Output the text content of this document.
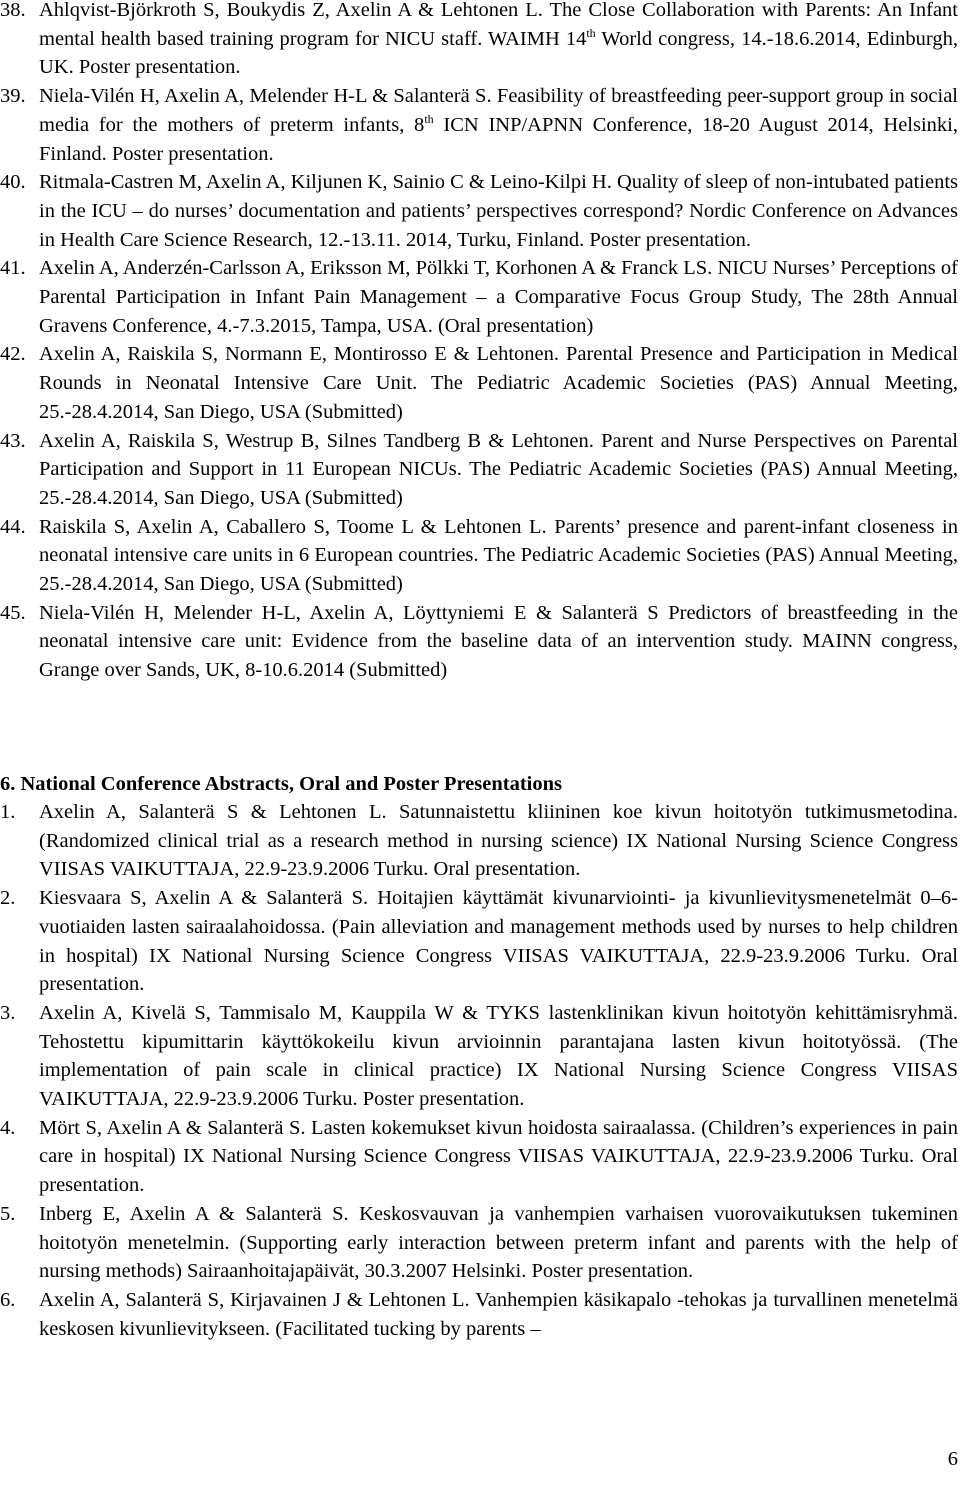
38. Ahlqvist-Björkroth S, Boukydis Z, Axelin A & Lehtonen L. The Close Collaboration with Parents: An Infant mental health based training program for NICU staff. WAIMH 14th World congress, 14.-18.6.2014, Edinburgh, UK. Poster presentation.
39. Niela-Vilén H, Axelin A, Melender H-L & Salanterä S. Feasibility of breastfeeding peer-support group in social media for the mothers of preterm infants, 8th ICN INP/APNN Conference, 18-20 August 2014, Helsinki, Finland. Poster presentation.
40. Ritmala-Castren M, Axelin A, Kiljunen K, Sainio C & Leino-Kilpi H. Quality of sleep of non-intubated patients in the ICU – do nurses’ documentation and patients’ perspectives correspond? Nordic Conference on Advances in Health Care Science Research, 12.-13.11. 2014, Turku, Finland. Poster presentation.
41. Axelin A, Anderzén-Carlsson A, Eriksson M, Pölkki T, Korhonen A & Franck LS. NICU Nurses’ Perceptions of Parental Participation in Infant Pain Management – a Comparative Focus Group Study, The 28th Annual Gravens Conference, 4.-7.3.2015, Tampa, USA. (Oral presentation)
42. Axelin A, Raiskila S, Normann E, Montirosso E & Lehtonen. Parental Presence and Participation in Medical Rounds in Neonatal Intensive Care Unit. The Pediatric Academic Societies (PAS) Annual Meeting, 25.-28.4.2014, San Diego, USA (Submitted)
43. Axelin A, Raiskila S, Westrup B, Silnes Tandberg B & Lehtonen. Parent and Nurse Perspectives on Parental Participation and Support in 11 European NICUs. The Pediatric Academic Societies (PAS) Annual Meeting, 25.-28.4.2014, San Diego, USA (Submitted)
44. Raiskila S, Axelin A, Caballero S, Toome L & Lehtonen L. Parents’ presence and parent-infant closeness in neonatal intensive care units in 6 European countries. The Pediatric Academic Societies (PAS) Annual Meeting, 25.-28.4.2014, San Diego, USA (Submitted)
45. Niela-Vilén H, Melender H-L, Axelin A, Löyttyniemi E & Salanterä S Predictors of breastfeeding in the neonatal intensive care unit: Evidence from the baseline data of an intervention study. MAINN congress, Grange over Sands, UK, 8-10.6.2014 (Submitted)
6. National Conference Abstracts, Oral and Poster Presentations
1. Axelin A, Salanterä S & Lehtonen L. Satunnaistettu kliininen koe kivun hoitotyön tutkimusmetodina. (Randomized clinical trial as a research method in nursing science) IX National Nursing Science Congress VIISAS VAIKUTTAJA, 22.9-23.9.2006 Turku. Oral presentation.
2. Kiesvaara S, Axelin A & Salanterä S. Hoitajien käyttämät kivunarviointi- ja kivunlievitysmenetelmät 0–6-vuotiaiden lasten sairaalahoidossa. (Pain alleviation and management methods used by nurses to help children in hospital) IX National Nursing Science Congress VIISAS VAIKUTTAJA, 22.9-23.9.2006 Turku. Oral presentation.
3. Axelin A, Kivelä S, Tammisalo M, Kauppila W & TYKS lastenklinikan kivun hoitotyön kehittämisryhmä. Tehostettu kipumittarin käyttökokeilu kivun arvioinnin parantajana lasten kivun hoitotyössä. (The implementation of pain scale in clinical practice) IX National Nursing Science Congress VIISAS VAIKUTTAJA, 22.9-23.9.2006 Turku. Poster presentation.
4. Mört S, Axelin A & Salanterä S. Lasten kokemukset kivun hoidosta sairaalassa. (Children’s experiences in pain care in hospital) IX National Nursing Science Congress VIISAS VAIKUTTAJA, 22.9-23.9.2006 Turku. Oral presentation.
5. Inberg E, Axelin A & Salanterä S. Keskosvauvan ja vanhempien varhaisen vuorovaikutuksen tukeminen hoitotyön menetelmin. (Supporting early interaction between preterm infant and parents with the help of nursing methods) Sairaanhoitajapäivät, 30.3.2007 Helsinki. Poster presentation.
6. Axelin A, Salanterä S, Kirjavainen J & Lehtonen L. Vanhempien käsikapalo -tehokas ja turvallinen menetelmä keskosen kivunlievitykseen. (Facilitated tucking by parents –
6
